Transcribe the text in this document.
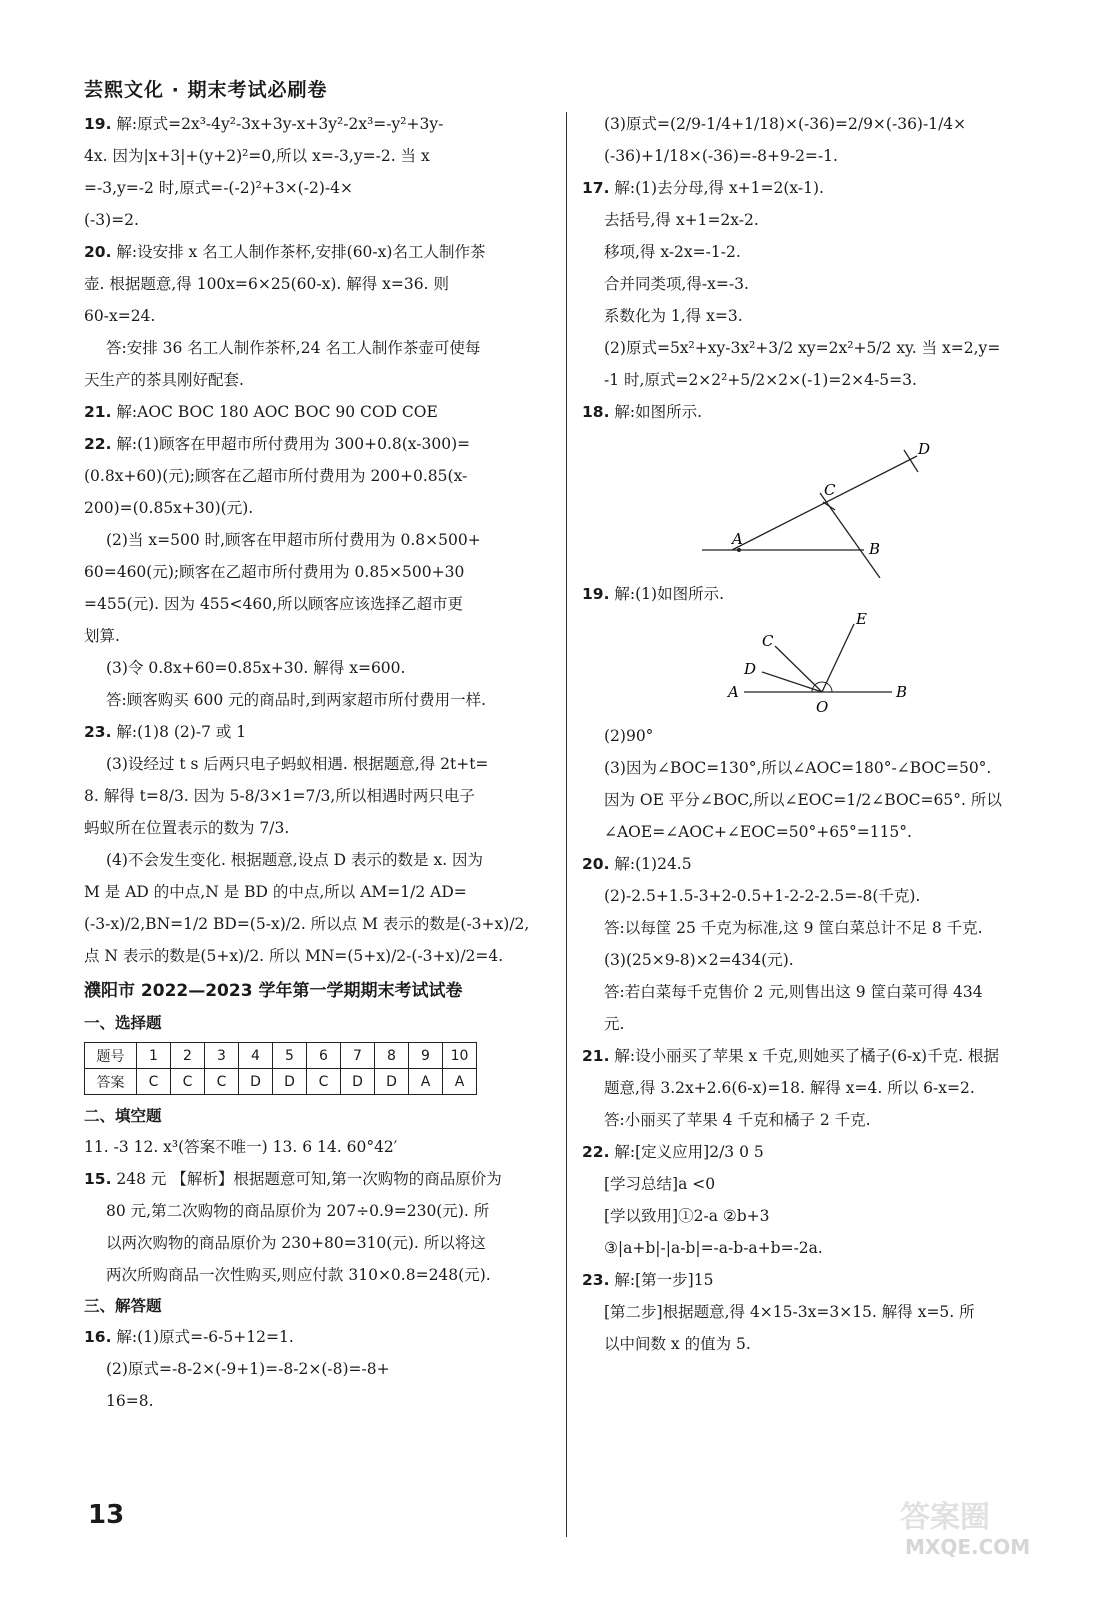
芸熙文化 · 期末考试必刷卷
19. 解:原式=2x³-4y²-3x+3y-x+3y²-2x³=-y²+3y-
4x. 因为|x+3|+(y+2)²=0,所以 x=-3,y=-2. 当 x
=-3,y=-2 时,原式=-(-2)²+3×(-2)-4×
(-3)=2.
20. 解:设安排 x 名工人制作茶杯,安排(60-x)名工人制作茶
壶. 根据题意,得 100x=6×25(60-x). 解得 x=36. 则
60-x=24.
答:安排 36 名工人制作茶杯,24 名工人制作茶壶可使每
天生产的茶具刚好配套.
21. 解:AOC BOC 180 AOC BOC 90 COD COE
22. 解:(1)顾客在甲超市所付费用为 300+0.8(x-300)=
(0.8x+60)(元);顾客在乙超市所付费用为 200+0.85(x-
200)=(0.85x+30)(元).
(2)当 x=500 时,顾客在甲超市所付费用为 0.8×500+
60=460(元);顾客在乙超市所付费用为 0.85×500+30
=455(元). 因为 455<460,所以顾客应该选择乙超市更
划算.
(3)令 0.8x+60=0.85x+30. 解得 x=600.
答:顾客购买 600 元的商品时,到两家超市所付费用一样.
23. 解:(1)8 (2)-7 或 1
(3)设经过 t s 后两只电子蚂蚁相遇. 根据题意,得 2t+t=
8. 解得 t=8/3. 因为 5-8/3×1=7/3,所以相遇时两只电子
蚂蚁所在位置表示的数为 7/3.
(4)不会发生变化. 根据题意,设点 D 表示的数是 x. 因为
M 是 AD 的中点,N 是 BD 的中点,所以 AM=1/2 AD=
(-3-x)/2,BN=1/2 BD=(5-x)/2. 所以点 M 表示的数是(-3+x)/2,
点 N 表示的数是(5+x)/2. 所以 MN=(5+x)/2-(-3+x)/2=4.
濮阳市 2022—2023 学年第一学期期末考试试卷
一、选择题
题号	1	2	3	4	5	6	7	8	9	10
答案	C	C	C	D	D	C	D	D	A	A
二、填空题
11. -3 12. x³(答案不唯一) 13. 6 14. 60°42′
15. 248 元 【解析】根据题意可知,第一次购物的商品原价为
80 元,第二次购物的商品原价为 207÷0.9=230(元). 所
以两次购物的商品原价为 230+80=310(元). 所以将这
两次所购商品一次性购买,则应付款 310×0.8=248(元).
三、解答题
16. 解:(1)原式=-6-5+12=1.
(2)原式=-8-2×(-9+1)=-8-2×(-8)=-8+
16=8.
(3)原式=(2/9-1/4+1/18)×(-36)=2/9×(-36)-1/4×
(-36)+1/18×(-36)=-8+9-2=-1.
17. 解:(1)去分母,得 x+1=2(x-1).
去括号,得 x+1=2x-2.
移项,得 x-2x=-1-2.
合并同类项,得-x=-3.
系数化为 1,得 x=3.
(2)原式=5x²+xy-3x²+3/2 xy=2x²+5/2 xy. 当 x=2,y=
-1 时,原式=2×2²+5/2×2×(-1)=2×4-5=3.
18. 解:如图所示.
A
B
C
D
19. 解:(1)如图所示.
A	B
C
D
E
O
(2)90°
(3)因为∠BOC=130°,所以∠AOC=180°-∠BOC=50°.
因为 OE 平分∠BOC,所以∠EOC=1/2∠BOC=65°. 所以
∠AOE=∠AOC+∠EOC=50°+65°=115°.
20. 解:(1)24.5
(2)-2.5+1.5-3+2-0.5+1-2-2-2.5=-8(千克).
答:以每筐 25 千克为标准,这 9 筐白菜总计不足 8 千克.
(3)(25×9-8)×2=434(元).
答:若白菜每千克售价 2 元,则售出这 9 筐白菜可得 434
元.
21. 解:设小丽买了苹果 x 千克,则她买了橘子(6-x)千克. 根据
题意,得 3.2x+2.6(6-x)=18. 解得 x=4. 所以 6-x=2.
答:小丽买了苹果 4 千克和橘子 2 千克.
22. 解:[定义应用]2/3 0 5
[学习总结]a <0
[学以致用]①2-a ②b+3
③|a+b|-|a-b|=-a-b-a+b=-2a.
23. 解:[第一步]15
[第二步]根据题意,得 4×15-3x=3×15. 解得 x=5. 所
以中间数 x 的值为 5.
13	答案圈
MXQE.COM
